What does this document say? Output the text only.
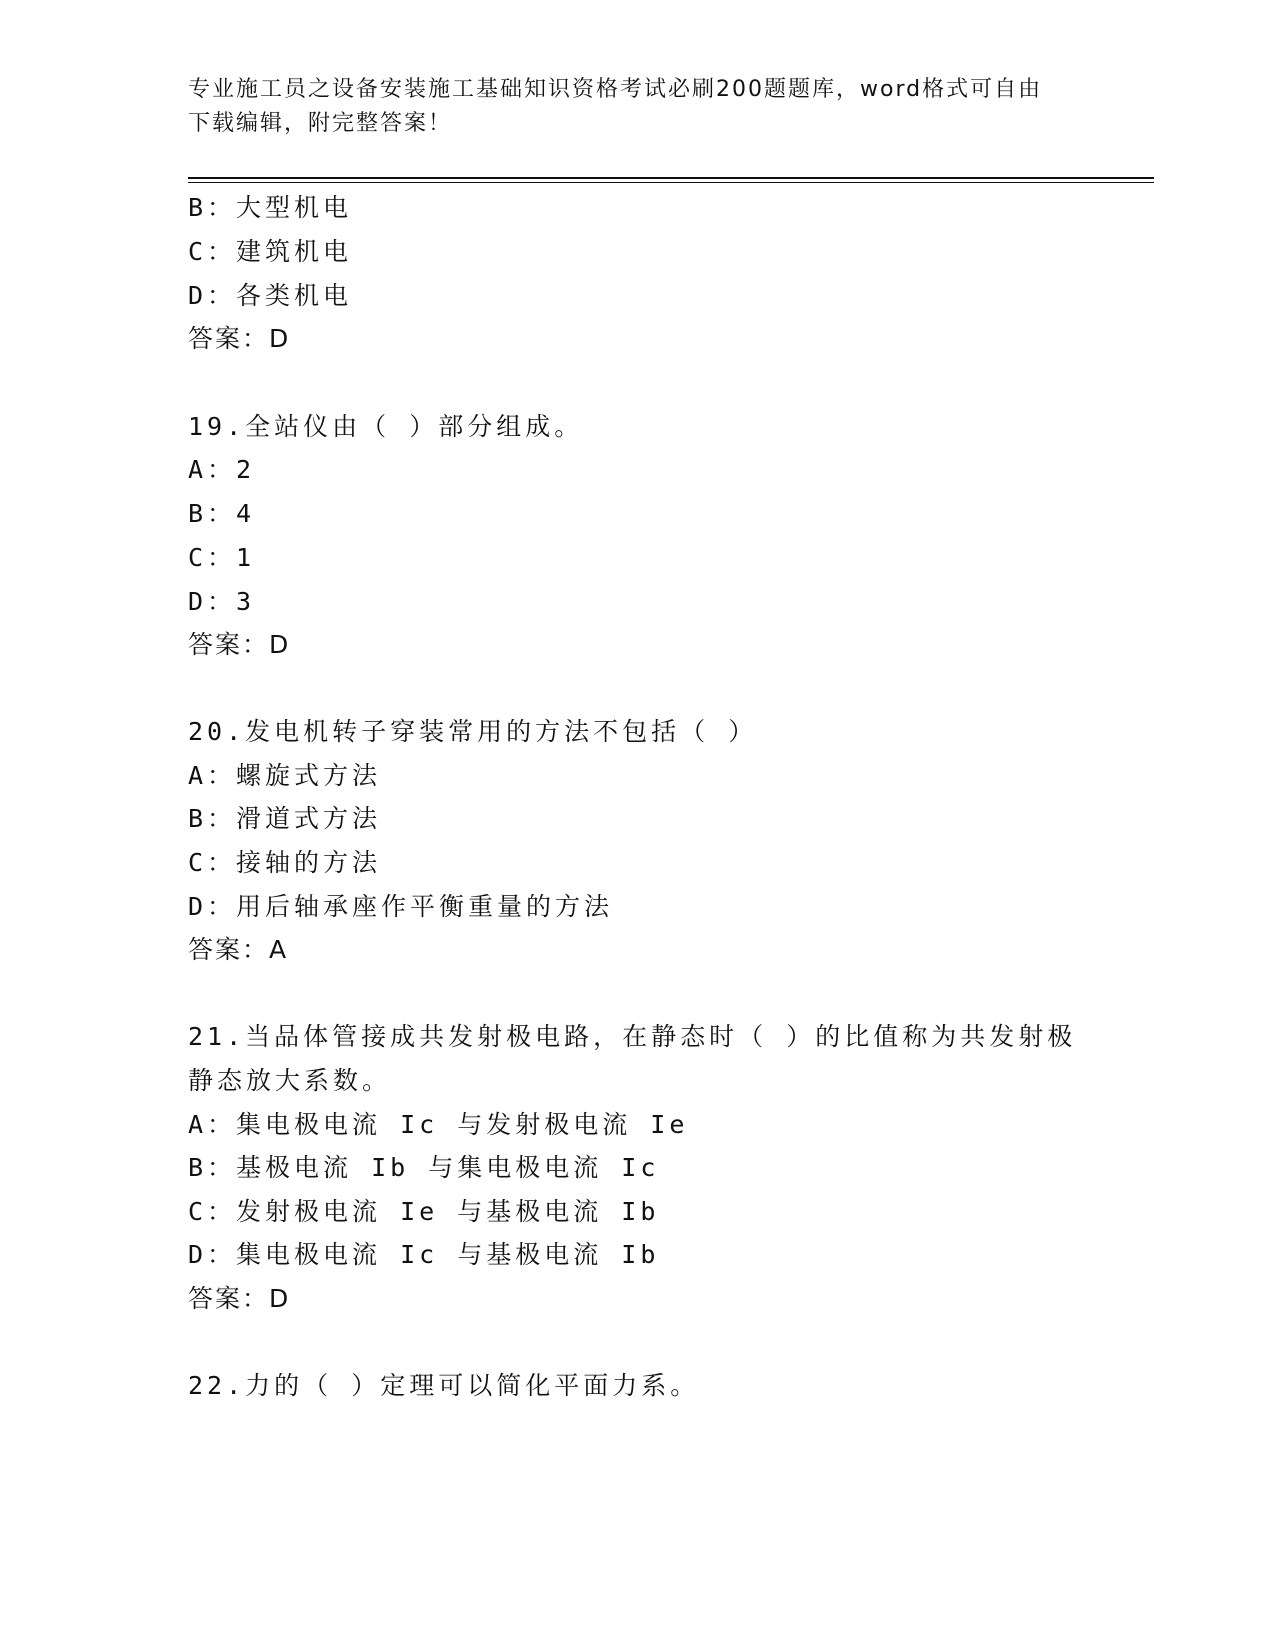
专业施工员之设备安装施工基础知识资格考试必刷200题题库，word格式可自由
下载编辑，附完整答案！
B：大型机电
C：建筑机电
D：各类机电
答案：D
19.全站仪由（ ）部分组成。
A：2
B：4
C：1
D：3
答案：D
20.发电机转子穿装常用的方法不包括（ ）
A：螺旋式方法
B：滑道式方法
C：接轴的方法
D：用后轴承座作平衡重量的方法
答案：A
21.当品体管接成共发射极电路，在静态时（ ）的比值称为共发射极
静态放大系数。
A：集电极电流 Ic 与发射极电流 Ie
B：基极电流 Ib 与集电极电流 Ic
C：发射极电流 Ie 与基极电流 Ib
D：集电极电流 Ic 与基极电流 Ib
答案：D
22.力的（ ）定理可以简化平面力系。
